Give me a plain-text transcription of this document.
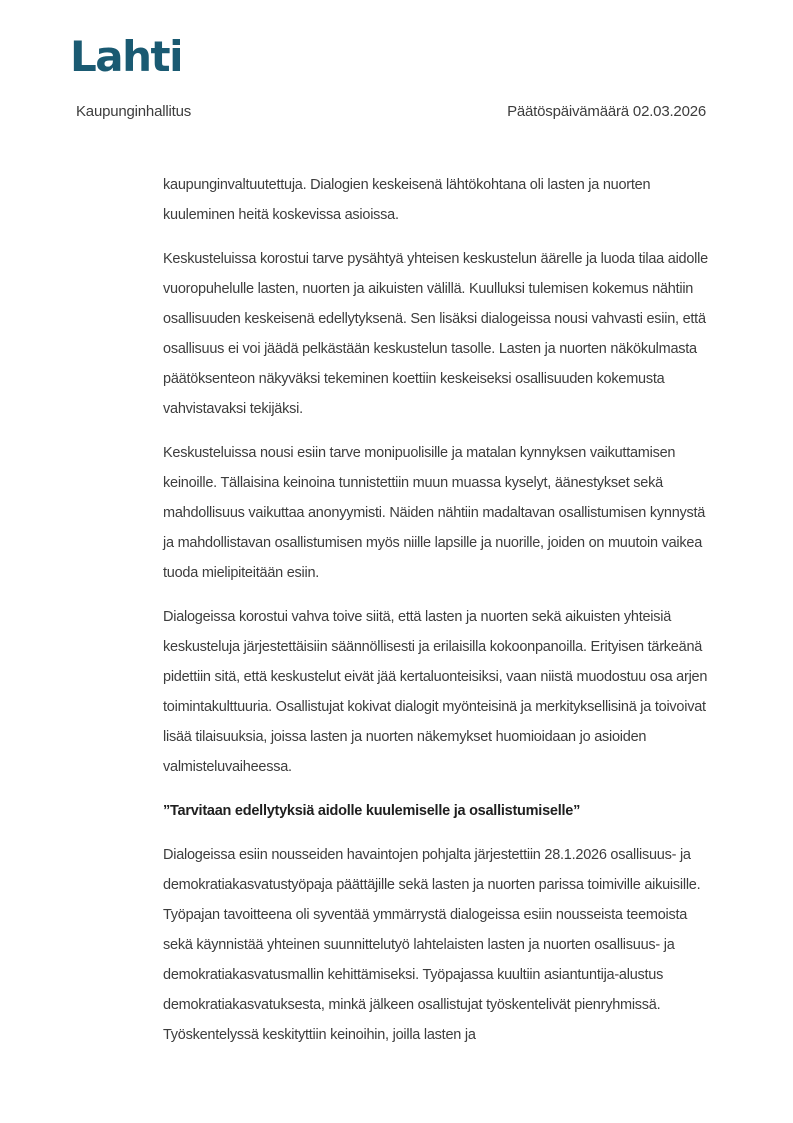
Lahti
Kaupunginhallitus	Päätöspäivämäärä 02.03.2026

kaupunginvaltuutettuja. Dialogien keskeisenä lähtökohtana oli lasten ja nuorten kuuleminen heitä koskevissa asioissa.

Keskusteluissa korostui tarve pysähtyä yhteisen keskustelun äärelle ja luoda tilaa aidolle vuoropuhelulle lasten, nuorten ja aikuisten välillä. Kuulluksi tulemisen kokemus nähtiin osallisuuden keskeisenä edellytyksenä. Sen lisäksi dialogeissa nousi vahvasti esiin, että osallisuus ei voi jäädä pelkästään keskustelun tasolle. Lasten ja nuorten näkökulmasta päätöksenteon näkyväksi tekeminen koettiin keskeiseksi osallisuuden kokemusta vahvistavaksi tekijäksi.

Keskusteluissa nousi esiin tarve monipuolisille ja matalan kynnyksen vaikuttamisen keinoille. Tällaisina keinoina tunnistettiin muun muassa kyselyt, äänestykset sekä mahdollisuus vaikuttaa anonyymisti. Näiden nähtiin madaltavan osallistumisen kynnystä ja mahdollistavan osallistumisen myös niille lapsille ja nuorille, joiden on muutoin vaikea tuoda mielipiteitään esiin.

Dialogeissa korostui vahva toive siitä, että lasten ja nuorten sekä aikuisten yhteisiä keskusteluja järjestettäisiin säännöllisesti ja erilaisilla kokoonpanoilla. Erityisen tärkeänä pidettiin sitä, että keskustelut eivät jää kertaluonteisiksi, vaan niistä muodostuu osa arjen toimintakulttuuria. Osallistujat kokivat dialogit myönteisinä ja merkityksellisinä ja toivoivat lisää tilaisuuksia, joissa lasten ja nuorten näkemykset huomioidaan jo asioiden valmisteluvaiheessa.

”Tarvitaan edellytyksiä aidolle kuulemiselle ja osallistumiselle”

Dialogeissa esiin nousseiden havaintojen pohjalta järjestettiin 28.1.2026 osallisuus- ja demokratiakasvatustyöpaja päättäjille sekä lasten ja nuorten parissa toimiville aikuisille. Työpajan tavoitteena oli syventää ymmärrystä dialogeissa esiin nousseista teemoista sekä käynnistää yhteinen suunnittelutyö lahtelaisten lasten ja nuorten osallisuus- ja demokratiakasvatusmallin kehittämiseksi. Työpajassa kuultiin asiantuntija-alustus demokratiakasvatuksesta, minkä jälkeen osallistujat työskentelivät pienryhmissä. Työskentelyssä keskityttiin keinoihin, joilla lasten ja
